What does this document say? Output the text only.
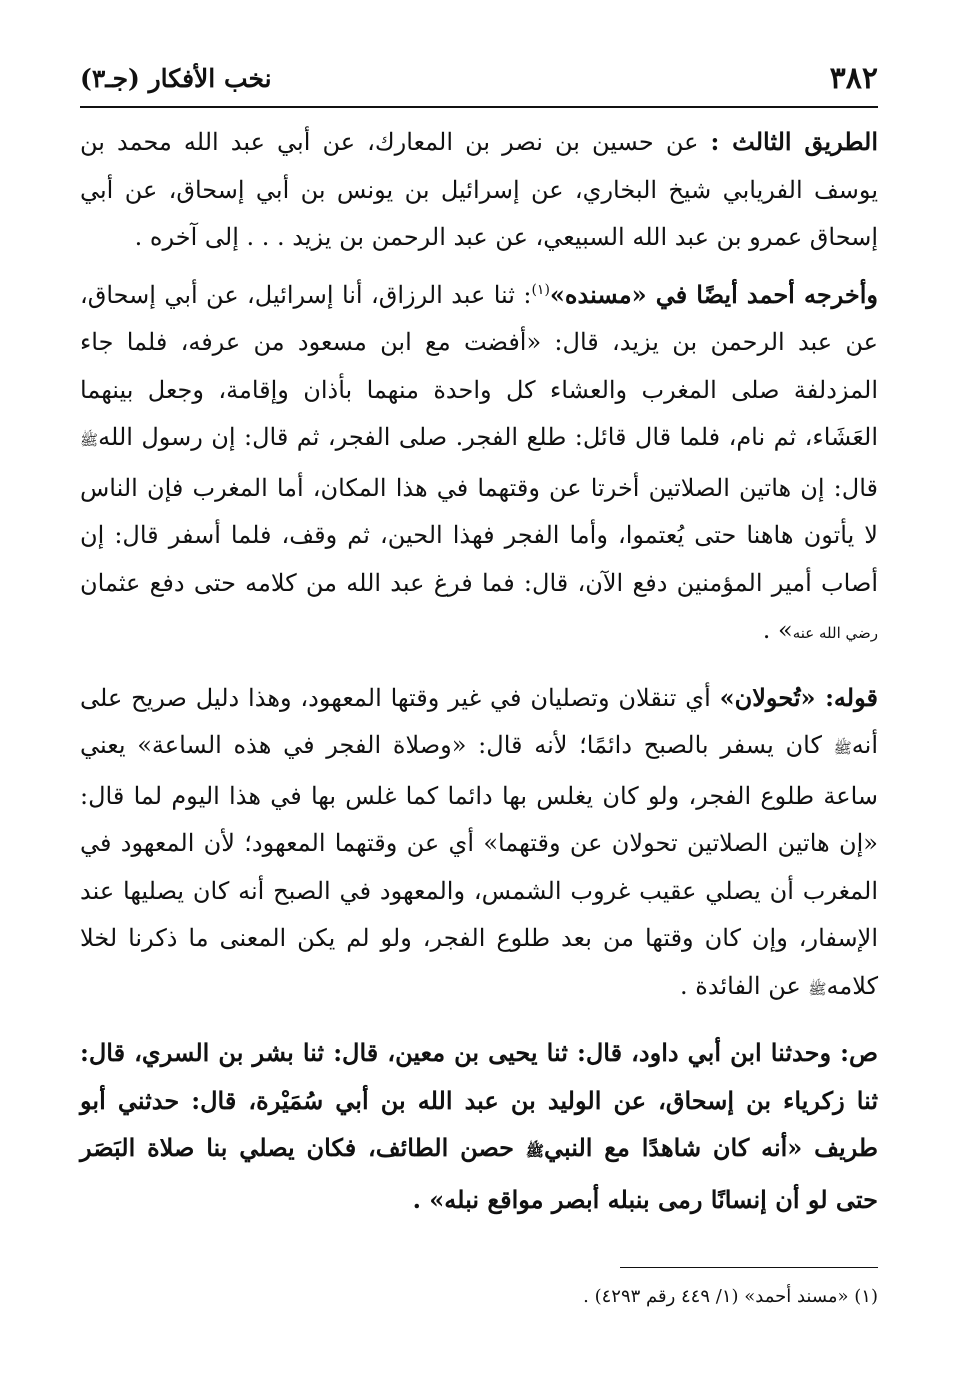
٣٨٢
نخب الأفكار (جـ٣)

الطريق الثالث : عن حسين بن نصر بن المعارك، عن أبي عبد الله محمد بن يوسف الفريابي شيخ البخاري، عن إسرائيل بن يونس بن أبي إسحاق، عن أبي إسحاق عمرو بن عبد الله السبيعي، عن عبد الرحمن بن يزيد . . . إلى آخره .

وأخرجه أحمد أيضًا في «مسنده»$^{(١)}$: ثنا عبد الرزاق، أنا إسرائيل، عن أبي إسحاق، عن عبد الرحمن بن يزيد، قال: «أفضت مع ابن مسعود من عرفه، فلما جاء المزدلفة صلى المغرب والعشاء كل واحدة منهما بأذان وإقامة، وجعل بينهما العَشَاء، ثم نام، فلما قال قائل: طلع الفجر. صلى الفجر، ثم قال: إن رسول اللهﷺ قال: إن هاتين الصلاتين أخرتا عن وقتهما في هذا المكان، أما المغرب فإن الناس لا يأتون هاهنا حتى يُعتموا، وأما الفجر فهذا الحين، ثم وقف، فلما أسفر قال: إن أصاب أمير المؤمنين دفع الآن، قال: فما فرغ عبد الله من كلامه حتى دفع عثمان رضي الله عنه» .

قوله: «تُحولان» أي تنقلان وتصليان في غير وقتها المعهود، وهذا دليل صريح على أنهﷺ كان يسفر بالصبح دائمًا؛ لأنه قال: «وصلاة الفجر في هذه الساعة» يعني ساعة طلوع الفجر، ولو كان يغلس بها دائما كما غلس بها في هذا اليوم لما قال: «إن هاتين الصلاتين تحولان عن وقتهما» أي عن وقتهما المعهود؛ لأن المعهود في المغرب أن يصلي عقيب غروب الشمس، والمعهود في الصبح أنه كان يصليها عند الإسفار، وإن كان وقتها من بعد طلوع الفجر، ولو لم يكن المعنى ما ذكرنا لخلا كلامهﷺ عن الفائدة .

ص: وحدثنا ابن أبي داود، قال: ثنا يحيى بن معين، قال: ثنا بشر بن السري، قال: ثنا زكرياء بن إسحاق، عن الوليد بن عبد الله بن أبي سُمَيْرة، قال: حدثني أبو طريف «أنه كان شاهدًا مع النبيﷺ حصن الطائف، فكان يصلي بنا صلاة البَصَر حتى لو أن إنسانًا رمى بنبله أبصر مواقع نبله» .

(١) «مسند أحمد» (١/ ٤٤٩ رقم ٤٢٩٣) .
